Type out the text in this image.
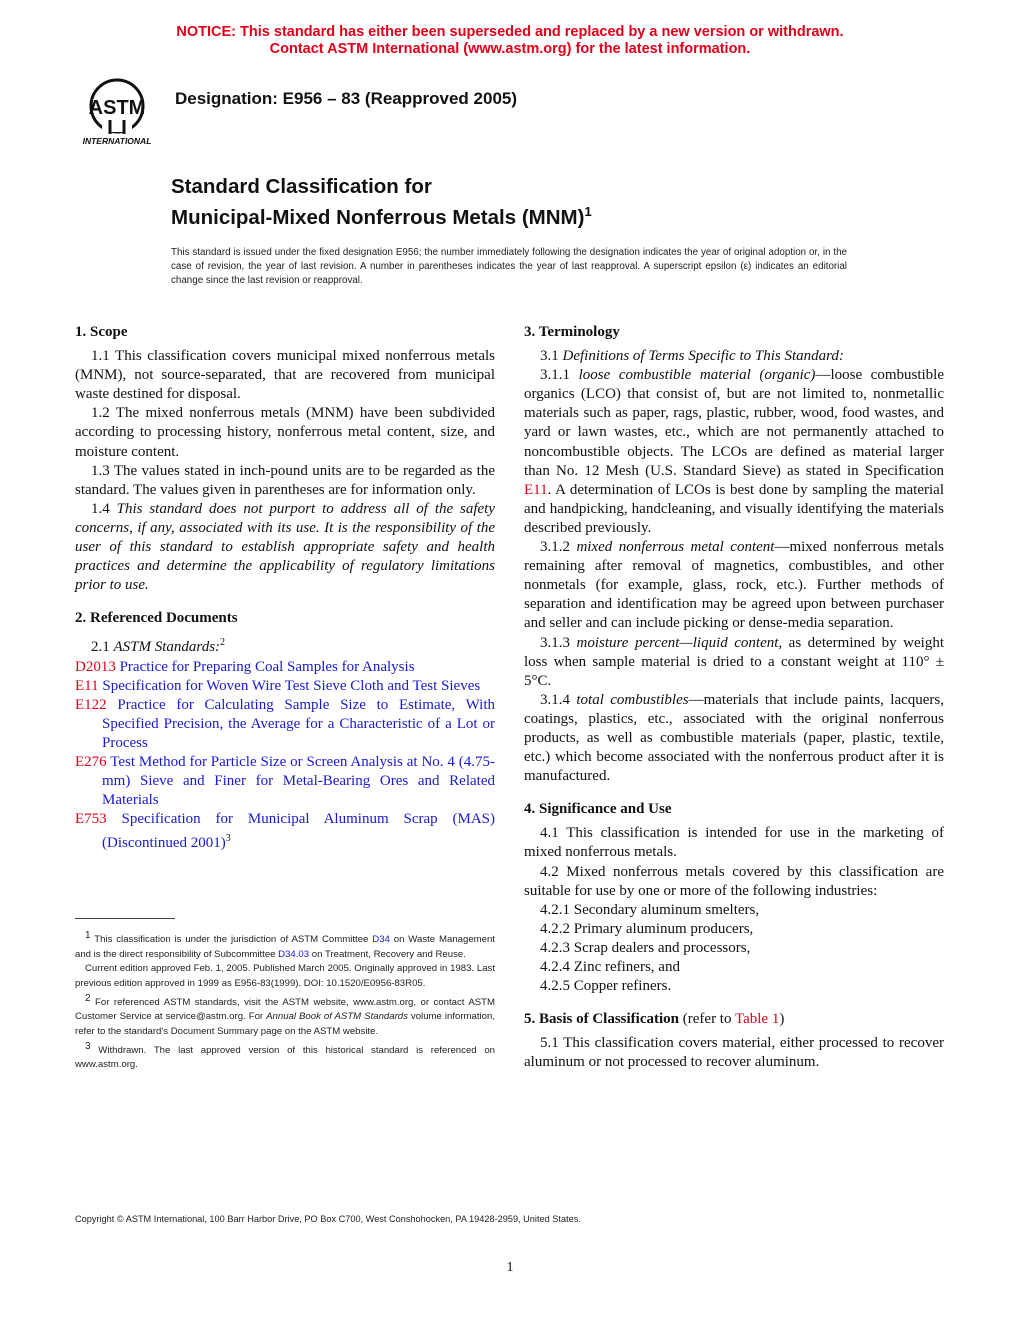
NOTICE: This standard has either been superseded and replaced by a new version or withdrawn.
Contact ASTM International (www.astm.org) for the latest information.
ASTM
INTERNATIONAL
Designation: E956 – 83 (Reapproved 2005)
Standard Classification for
Municipal-Mixed Nonferrous Metals (MNM)$^1$
This standard is issued under the fixed designation E956; the number immediately following the designation indicates the year of original adoption or, in the case of revision, the year of last revision. A number in parentheses indicates the year of last reapproval. A superscript epsilon (ε) indicates an editorial change since the last revision or reapproval.
1. Scope

1.1 This classification covers municipal mixed nonferrous metals (MNM), not source-separated, that are recovered from municipal waste destined for disposal.

1.2 The mixed nonferrous metals (MNM) have been subdivided according to processing history, nonferrous metal content, size, and moisture content.

1.3 The values stated in inch-pound units are to be regarded as the standard. The values given in parentheses are for information only.

1.4 This standard does not purport to address all of the safety concerns, if any, associated with its use. It is the responsibility of the user of this standard to establish appropriate safety and health practices and determine the applicability of regulatory limitations prior to use.

2. Referenced Documents

2.1 ASTM Standards:$^2$

D2013 Practice for Preparing Coal Samples for Analysis

E11 Specification for Woven Wire Test Sieve Cloth and Test Sieves

E122 Practice for Calculating Sample Size to Estimate, With Specified Precision, the Average for a Characteristic of a Lot or Process

E276 Test Method for Particle Size or Screen Analysis at No. 4 (4.75-mm) Sieve and Finer for Metal-Bearing Ores and Related Materials

E753 Specification for Municipal Aluminum Scrap (MAS) (Discontinued 2001)$^3$

$^1$ This classification is under the jurisdiction of ASTM Committee D34 on Waste Management and is the direct responsibility of Subcommittee D34.03 on Treatment, Recovery and Reuse.

Current edition approved Feb. 1, 2005. Published March 2005. Originally approved in 1983. Last previous edition approved in 1999 as E956-83(1999). DOI: 10.1520/E0956-83R05.

$^2$ For referenced ASTM standards, visit the ASTM website, www.astm.org, or contact ASTM Customer Service at service@astm.org. For Annual Book of ASTM Standards volume information, refer to the standard's Document Summary page on the ASTM website.

$^3$ Withdrawn. The last approved version of this historical standard is referenced on www.astm.org.

3. Terminology

3.1 Definitions of Terms Specific to This Standard:

3.1.1 loose combustible material (organic)—loose combustible organics (LCO) that consist of, but are not limited to, nonmetallic materials such as paper, rags, plastic, rubber, wood, food wastes, and yard or lawn wastes, etc., which are not permanently attached to noncombustible objects. The LCOs are defined as material larger than No. 12 Mesh (U.S. Standard Sieve) as stated in Specification E11. A determination of LCOs is best done by sampling the material and handpicking, handcleaning, and visually identifying the materials described previously.

3.1.2 mixed nonferrous metal content—mixed nonferrous metals remaining after removal of magnetics, combustibles, and other nonmetals (for example, glass, rock, etc.). Further methods of separation and identification may be agreed upon between purchaser and seller and can include picking or dense-media separation.

3.1.3 moisture percent—liquid content, as determined by weight loss when sample material is dried to a constant weight at 110° ± 5°C.

3.1.4 total combustibles—materials that include paints, lacquers, coatings, plastics, etc., associated with the original nonferrous products, as well as combustible materials (paper, plastic, textile, etc.) which become associated with the nonferrous product after it is manufactured.

4. Significance and Use

4.1 This classification is intended for use in the marketing of mixed nonferrous metals.

4.2 Mixed nonferrous metals covered by this classification are suitable for use by one or more of the following industries:

4.2.1 Secondary aluminum smelters,

4.2.2 Primary aluminum producers,

4.2.3 Scrap dealers and processors,

4.2.4 Zinc refiners, and

4.2.5 Copper refiners.

5. Basis of Classification (refer to Table 1)

5.1 This classification covers material, either processed to recover aluminum or not processed to recover aluminum.

Copyright © ASTM International, 100 Barr Harbor Drive, PO Box C700, West Conshohocken, PA 19428-2959, United States.
1
